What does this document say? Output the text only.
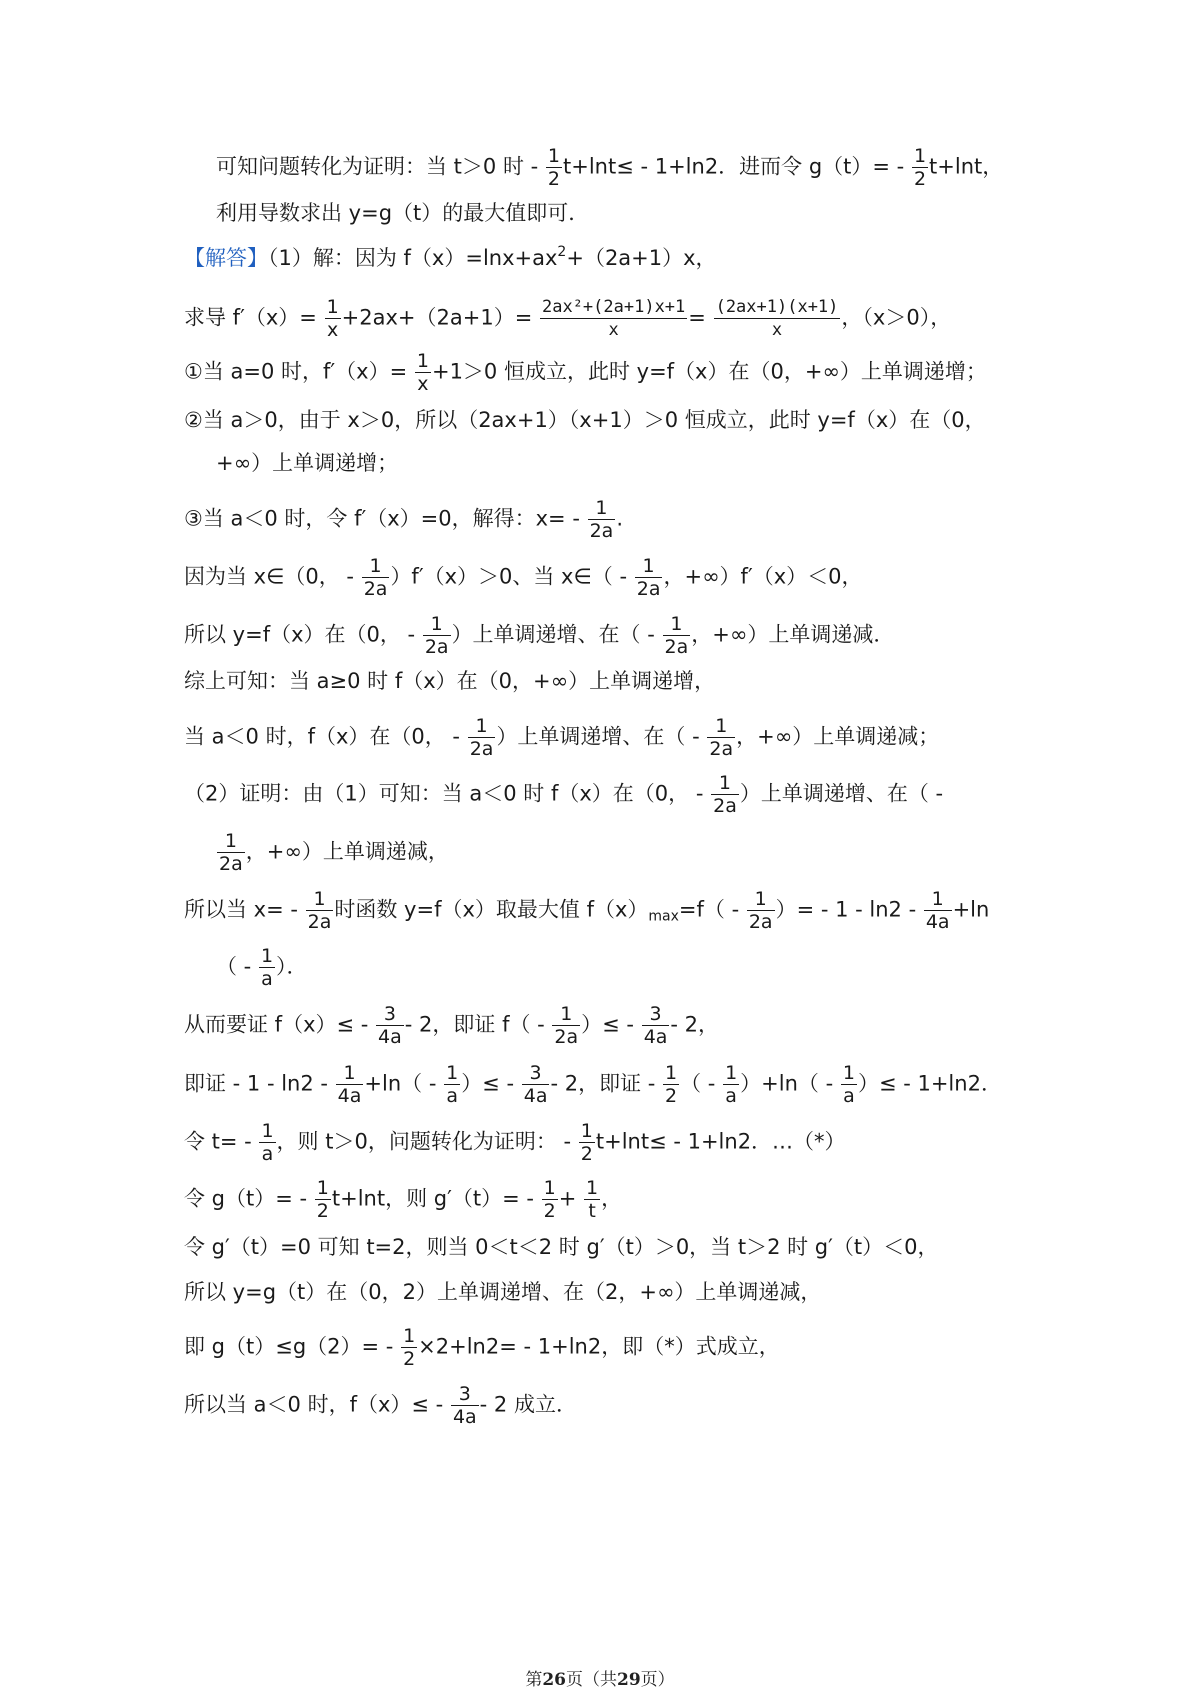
可知问题转化为证明：当 t＞0 时 - $\frac{1}{2} t+\ln t\le - 1+\ln 2$．进而令 $g(t)= - \frac{1}{2} t+\ln t$，
利用导数求出 y=g（t）的最大值即可．
【解答】（1）解：因为 $f(x)=\ln x+ax^2+(2a+1)x$，
求导 $f'(x)= \frac{1}{x} +2ax+(2a+1)= \frac{\text{2ax²+(2a+1)x+1}}{x} = \frac{(2ax+1)(x+1)}{x}$ ，（x＞0），
①当 a=0 时，$f'(x)= \frac{1}{x} +1>0$ 恒成立，此时 y=f（x）在（0，+∞）上单调递增；
②当 a＞0，由于 x＞0，所以（2ax+1）（x+1）＞0 恒成立，此时 y=f（x）在（0，
+∞）上单调递增；
③当 a＜0 时，令 f′（x）=0，解得：$x= - \frac{1}{2a}$ .
因为当 x∈（0， - $\frac{1}{2a} )f'(x)>0$、当 x∈（ - $\frac{1}{2a}$ ，+∞）f′（x）＜0，
所以 y=f（x）在（0， - $\frac{1}{2a}$ ）上单调递增、在（ - $\frac{1}{2a}$ ，+∞）上单调递减．
综上可知：当 a≥0 时 f（x）在（0，+∞）上单调递增，
当 a＜0 时，f（x）在（0， - $\frac{1}{2a}$ ）上单调递增、在（ - $\frac{1}{2a}$ ，+∞）上单调递减；
（2）证明：由（1）可知：当 a＜0 时 f（x）在（0， - $\frac{1}{2a}$ ）上单调递增、在（ -
$\frac{1}{2a}$ ，+∞）上单调递减，
所以当 $x= - \frac{1}{2a}$ 时函数 y=f（x）取最大值 $f(x)_{max}=f( - \frac{1}{2a}$ ）= - $1 - \ln 2 - \frac{1}{4a} +\ln$
（ - $\frac{1}{a}$ ）．
从而要证 $f(x)\le - \frac{3}{4a} - 2$，即证 $f( - \frac{1}{2a}$ ）≤ - $\frac{3}{4a} - 2$，
即证 - $1 - \ln 2 - \frac{1}{4a} +\ln( - \frac{1}{a}$ ）≤ - $\frac{3}{4a} - 2$，即证 - $\frac{1}{2}$ （ - $\frac{1}{a} )+\ln( - \frac{1}{a}$ ）≤ - 1+ln2．
令 $t= - \frac{1}{a}$ ，则 t＞0，问题转化为证明： - $\frac{1}{2} t+\ln t\le - 1+\ln 2$．…（*）
令 $g(t)= - \frac{1}{2} t+\ln t$，则 $g'(t)= - \frac{1}{2} + \frac{1}{t}$ ，
令 g′（t）=0 可知 t=2，则当 0＜t＜2 时 g′（t）＞0，当 t＞2 时 g′（t）＜0，
所以 y=g（t）在（0，2）上单调递增、在（2，+∞）上单调递减，
即 $g(t)\le g(2)= - \frac{1}{2} \times 2+\ln 2= - 1+\ln 2$，即（*）式成立，
所以当 a＜0 时，$f(x)\le - \frac{3}{4a} - 2$ 成立．
第26页（共29页）
